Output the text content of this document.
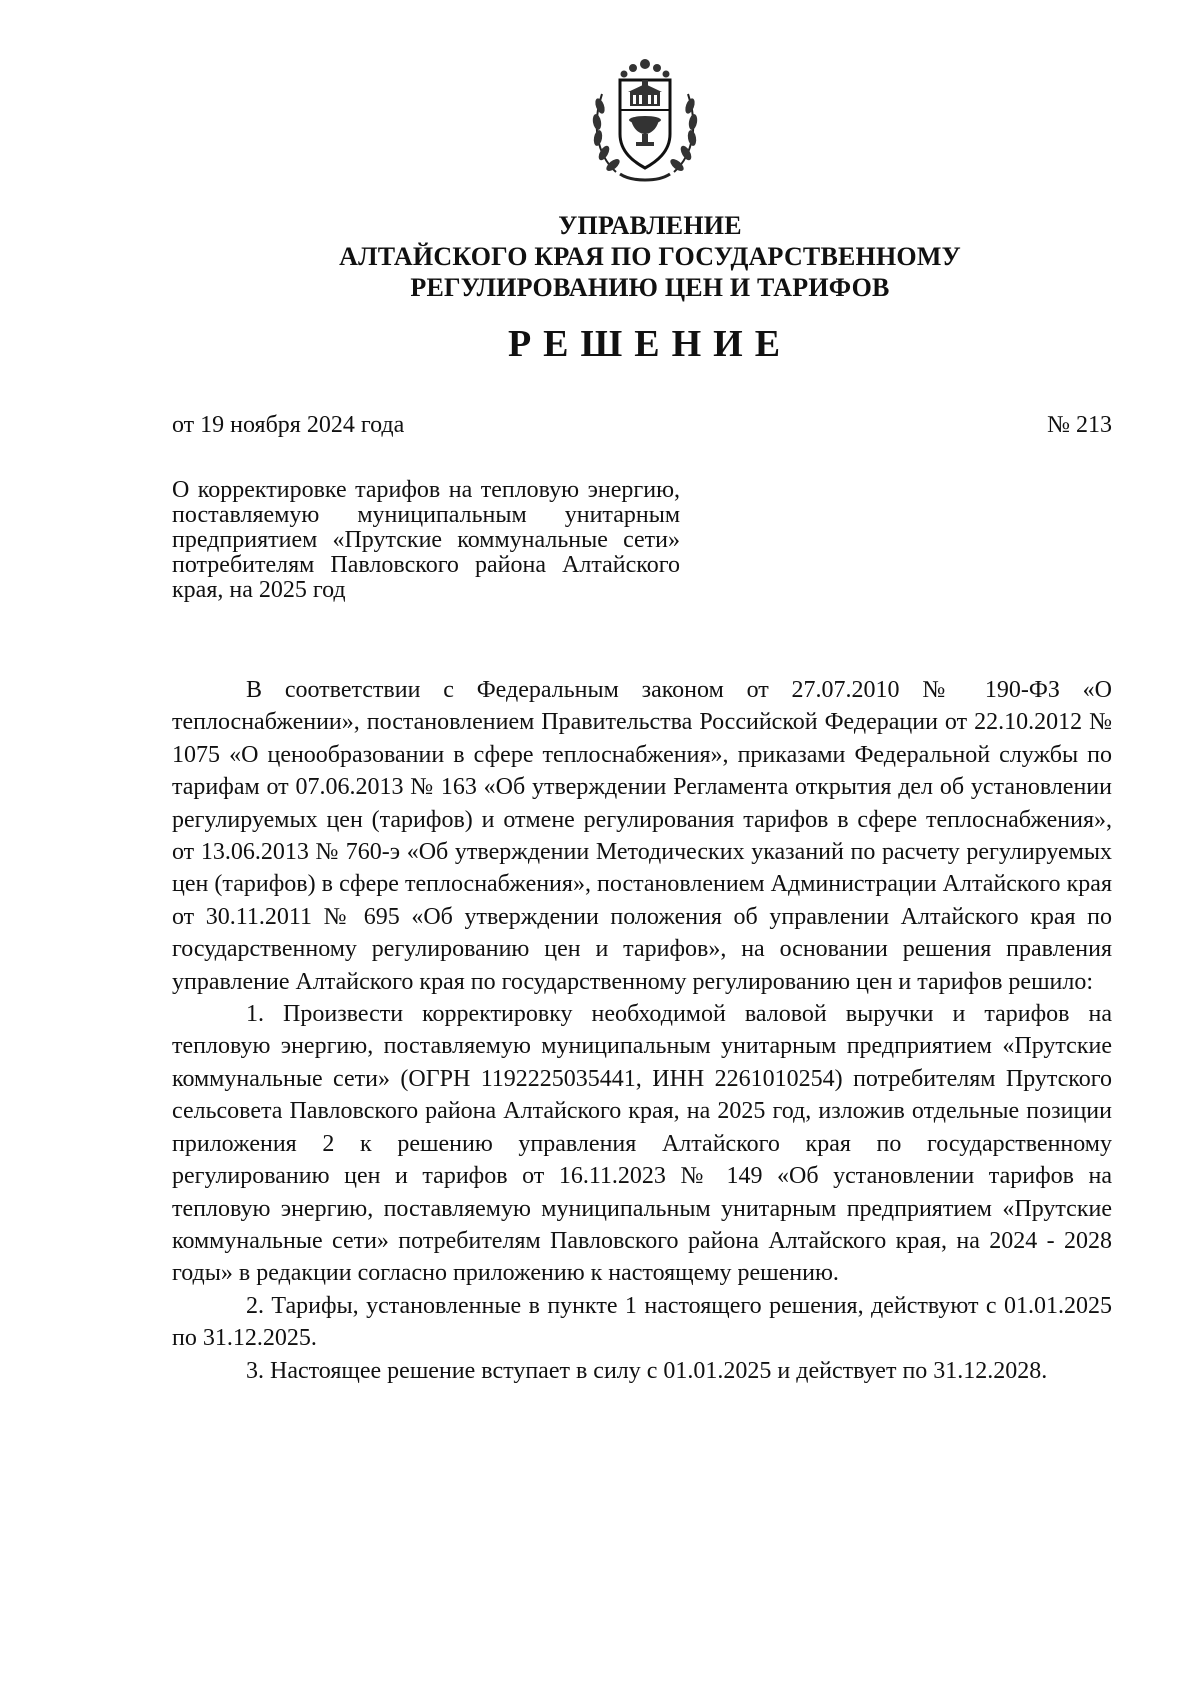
УПРАВЛЕНИЕ
АЛТАЙСКОГО КРАЯ ПО ГОСУДАРСТВЕННОМУ
РЕГУЛИРОВАНИЮ ЦЕН И ТАРИФОВ
РЕШЕНИЕ
от 19 ноября 2024 года	№ 213
О корректировке тарифов на тепловую энергию, поставляемую муниципальным унитарным предприятием «Прутские коммунальные сети» потребителям Павловского района Алтайского края, на 2025 год

В соответствии с Федеральным законом от 27.07.2010 № 190-ФЗ «О теплоснабжении», постановлением Правительства Российской Федерации от 22.10.2012 № 1075 «О ценообразовании в сфере теплоснабжения», приказами Федеральной службы по тарифам от 07.06.2013 № 163 «Об утверждении Регламента открытия дел об установлении регулируемых цен (тарифов) и отмене регулирования тарифов в сфере теплоснабжения», от 13.06.2013 № 760-э «Об утверждении Методических указаний по расчету регулируемых цен (тарифов) в сфере теплоснабжения», постановлением Администрации Алтайского края от 30.11.2011 № 695 «Об утверждении положения об управлении Алтайского края по государственному регулированию цен и тарифов», на основании решения правления управление Алтайского края по государственному регулированию цен и тарифов решило:

1. Произвести корректировку необходимой валовой выручки и тарифов на тепловую энергию, поставляемую муниципальным унитарным предприятием «Прутские коммунальные сети» (ОГРН 1192225035441, ИНН 2261010254) потребителям Прутского сельсовета Павловского района Алтайского края, на 2025 год, изложив отдельные позиции приложения 2 к решению управления Алтайского края по государственному регулированию цен и тарифов от 16.11.2023 № 149 «Об установлении тарифов на тепловую энергию, поставляемую муниципальным унитарным предприятием «Прутские коммунальные сети» потребителям Павловского района Алтайского края, на 2024 - 2028 годы» в редакции согласно приложению к настоящему решению.

2. Тарифы, установленные в пункте 1 настоящего решения, действуют с 01.01.2025 по 31.12.2025.

3. Настоящее решение вступает в силу с 01.01.2025 и действует по 31.12.2028.
